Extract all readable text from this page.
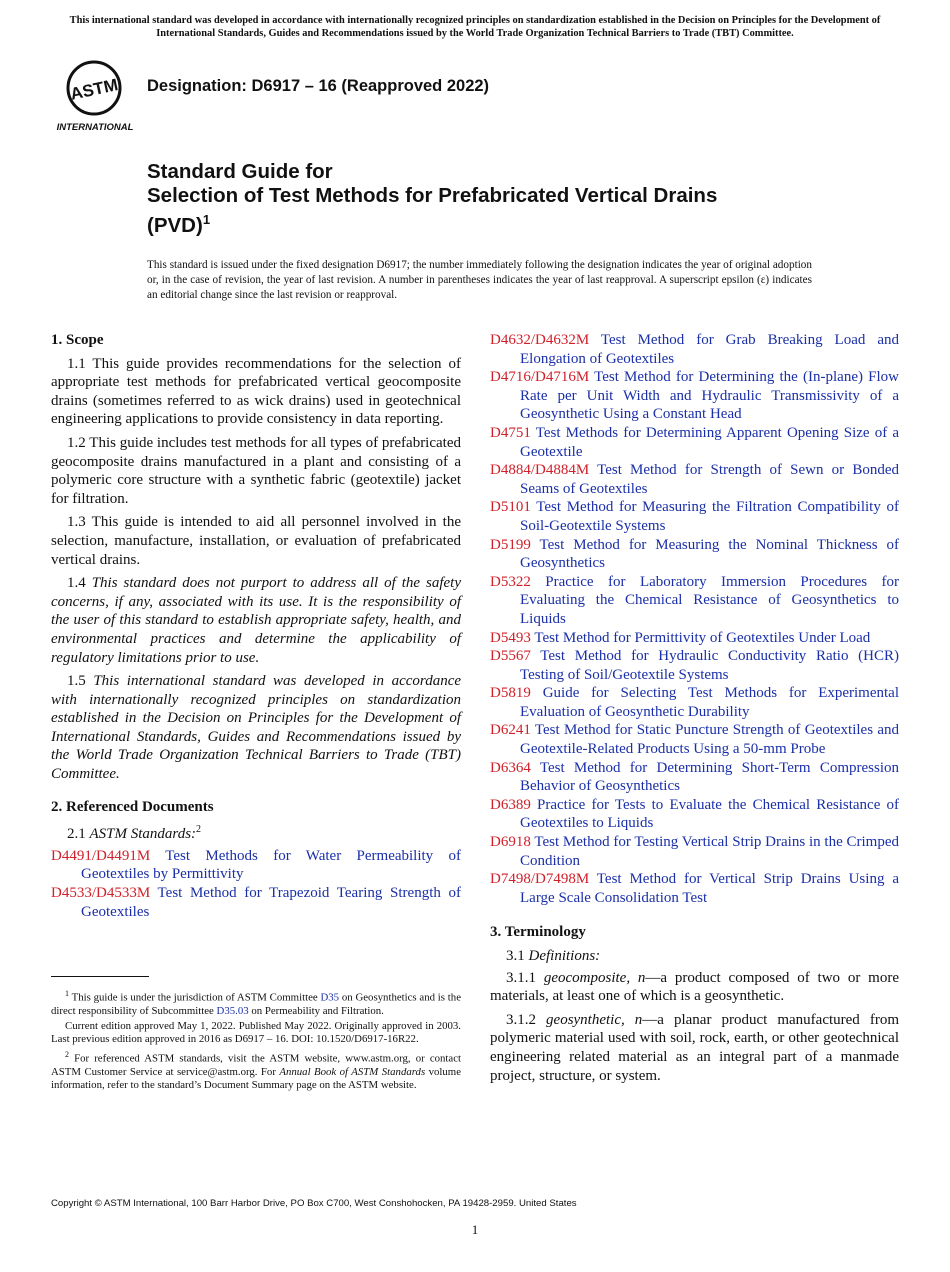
This international standard was developed in accordance with internationally recognized principles on standardization established in the Decision on Principles for the Development of International Standards, Guides and Recommendations issued by the World Trade Organization Technical Barriers to Trade (TBT) Committee.
ASTM
INTERNATIONAL
Designation: D6917 – 16 (Reapproved 2022)
Standard Guide for
Selection of Test Methods for Prefabricated Vertical Drains
(PVD)$^1$
This standard is issued under the fixed designation D6917; the number immediately following the designation indicates the year of original adoption or, in the case of revision, the year of last revision. A number in parentheses indicates the year of last reapproval. A superscript epsilon (ε) indicates an editorial change since the last revision or reapproval.

1. Scope

1.1 This guide provides recommendations for the selection of appropriate test methods for prefabricated vertical geocomposite drains (sometimes referred to as wick drains) used in geotechnical engineering applications to provide consistency in data reporting.

1.2 This guide includes test methods for all types of prefabricated geocomposite drains manufactured in a plant and consisting of a polymeric core structure with a synthetic fabric (geotextile) jacket for filtration.

1.3 This guide is intended to aid all personnel involved in the selection, manufacture, installation, or evaluation of prefabricated vertical drains.

1.4 This standard does not purport to address all of the safety concerns, if any, associated with its use. It is the responsibility of the user of this standard to establish appropriate safety, health, and environmental practices and determine the applicability of regulatory limitations prior to use.

1.5 This international standard was developed in accordance with internationally recognized principles on standardization established in the Decision on Principles for the Development of International Standards, Guides and Recommendations issued by the World Trade Organization Technical Barriers to Trade (TBT) Committee.

2. Referenced Documents

2.1 ASTM Standards:$^2$

D4491/D4491M Test Methods for Water Permeability of Geotextiles by Permittivity

D4533/D4533M Test Method for Trapezoid Tearing Strength of Geotextiles

D4632/D4632M Test Method for Grab Breaking Load and Elongation of Geotextiles

D4716/D4716M Test Method for Determining the (In-plane) Flow Rate per Unit Width and Hydraulic Transmissivity of a Geosynthetic Using a Constant Head

D4751 Test Methods for Determining Apparent Opening Size of a Geotextile

D4884/D4884M Test Method for Strength of Sewn or Bonded Seams of Geotextiles

D5101 Test Method for Measuring the Filtration Compatibility of Soil-Geotextile Systems

D5199 Test Method for Measuring the Nominal Thickness of Geosynthetics

D5322 Practice for Laboratory Immersion Procedures for Evaluating the Chemical Resistance of Geosynthetics to Liquids

D5493 Test Method for Permittivity of Geotextiles Under Load

D5567 Test Method for Hydraulic Conductivity Ratio (HCR) Testing of Soil/Geotextile Systems

D5819 Guide for Selecting Test Methods for Experimental Evaluation of Geosynthetic Durability

D6241 Test Method for Static Puncture Strength of Geotextiles and Geotextile-Related Products Using a 50-mm Probe

D6364 Test Method for Determining Short-Term Compression Behavior of Geosynthetics

D6389 Practice for Tests to Evaluate the Chemical Resistance of Geotextiles to Liquids

D6918 Test Method for Testing Vertical Strip Drains in the Crimped Condition

D7498/D7498M Test Method for Vertical Strip Drains Using a Large Scale Consolidation Test

3. Terminology

3.1 Definitions:

3.1.1 geocomposite, n—a product composed of two or more materials, at least one of which is a geosynthetic.

3.1.2 geosynthetic, n—a planar product manufactured from polymeric material used with soil, rock, earth, or other geotechnical engineering related material as an integral part of a manmade project, structure, or system.

$^1$ This guide is under the jurisdiction of ASTM Committee D35 on Geosynthetics and is the direct responsibility of Subcommittee D35.03 on Permeability and Filtration.

Current edition approved May 1, 2022. Published May 2022. Originally approved in 2003. Last previous edition approved in 2016 as D6917 – 16. DOI: 10.1520/D6917-16R22.

$^2$ For referenced ASTM standards, visit the ASTM website, www.astm.org, or contact ASTM Customer Service at service@astm.org. For Annual Book of ASTM Standards volume information, refer to the standard’s Document Summary page on the ASTM website.

Copyright © ASTM International, 100 Barr Harbor Drive, PO Box C700, West Conshohocken, PA 19428-2959. United States
1
